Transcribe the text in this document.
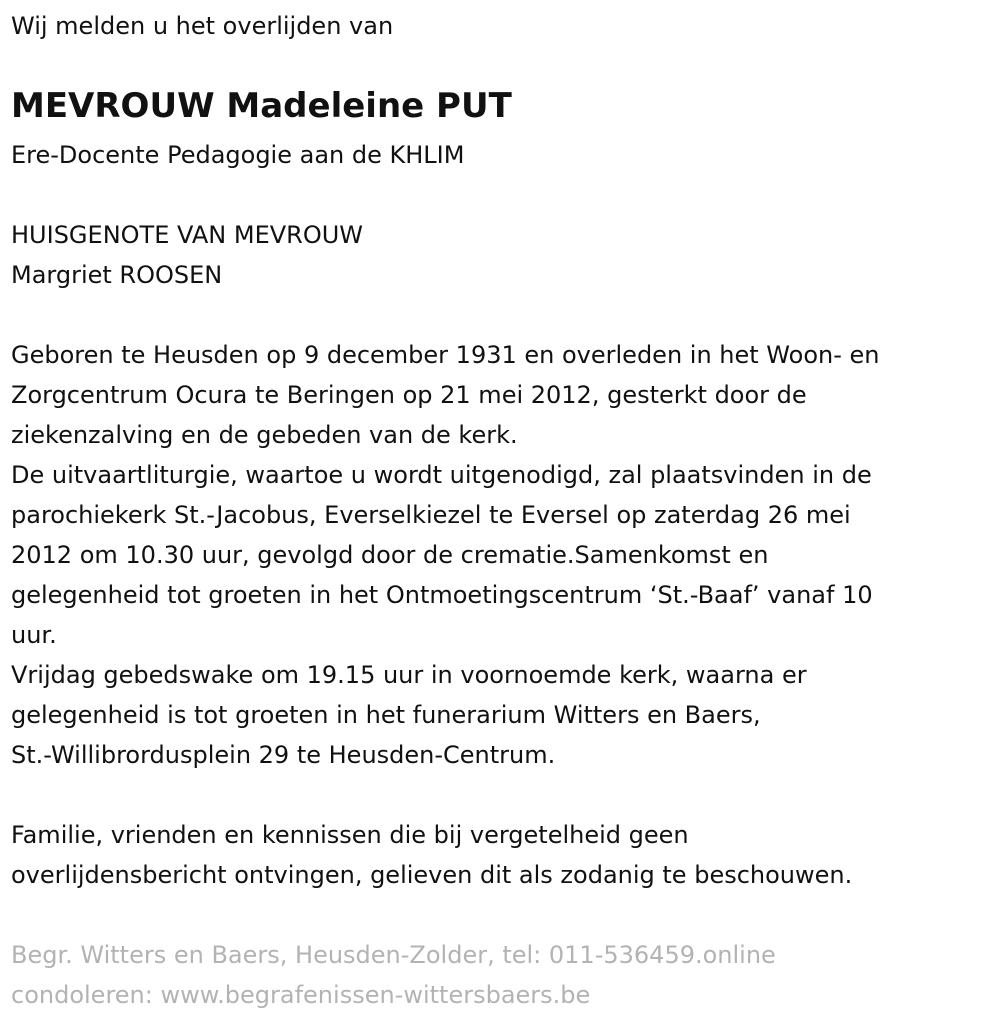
Wij melden u het overlijden van

MEVROUW Madeleine PUT

Ere-Docente Pedagogie aan de KHLIM

HUISGENOTE VAN MEVROUW

Margriet ROOSEN

Geboren te Heusden op 9 december 1931 en overleden in het Woon- en

Zorgcentrum Ocura te Beringen op 21 mei 2012, gesterkt door de

ziekenzalving en de gebeden van de kerk.

De uitvaartliturgie, waartoe u wordt uitgenodigd, zal plaatsvinden in de

parochiekerk St.-Jacobus, Everselkiezel te Eversel op zaterdag 26 mei

2012 om 10.30 uur, gevolgd door de crematie.Samenkomst en

gelegenheid tot groeten in het Ontmoetingscentrum ‘St.-Baaf’ vanaf 10

uur.

Vrijdag gebedswake om 19.15 uur in voornoemde kerk, waarna er

gelegenheid is tot groeten in het funerarium Witters en Baers,

St.-Willibrordusplein 29 te Heusden-Centrum.

Familie, vrienden en kennissen die bij vergetelheid geen

overlijdensbericht ontvingen, gelieven dit als zodanig te beschouwen.

Begr. Witters en Baers, Heusden-Zolder, tel: 011-536459.online

condoleren: www.begrafenissen-wittersbaers.be
